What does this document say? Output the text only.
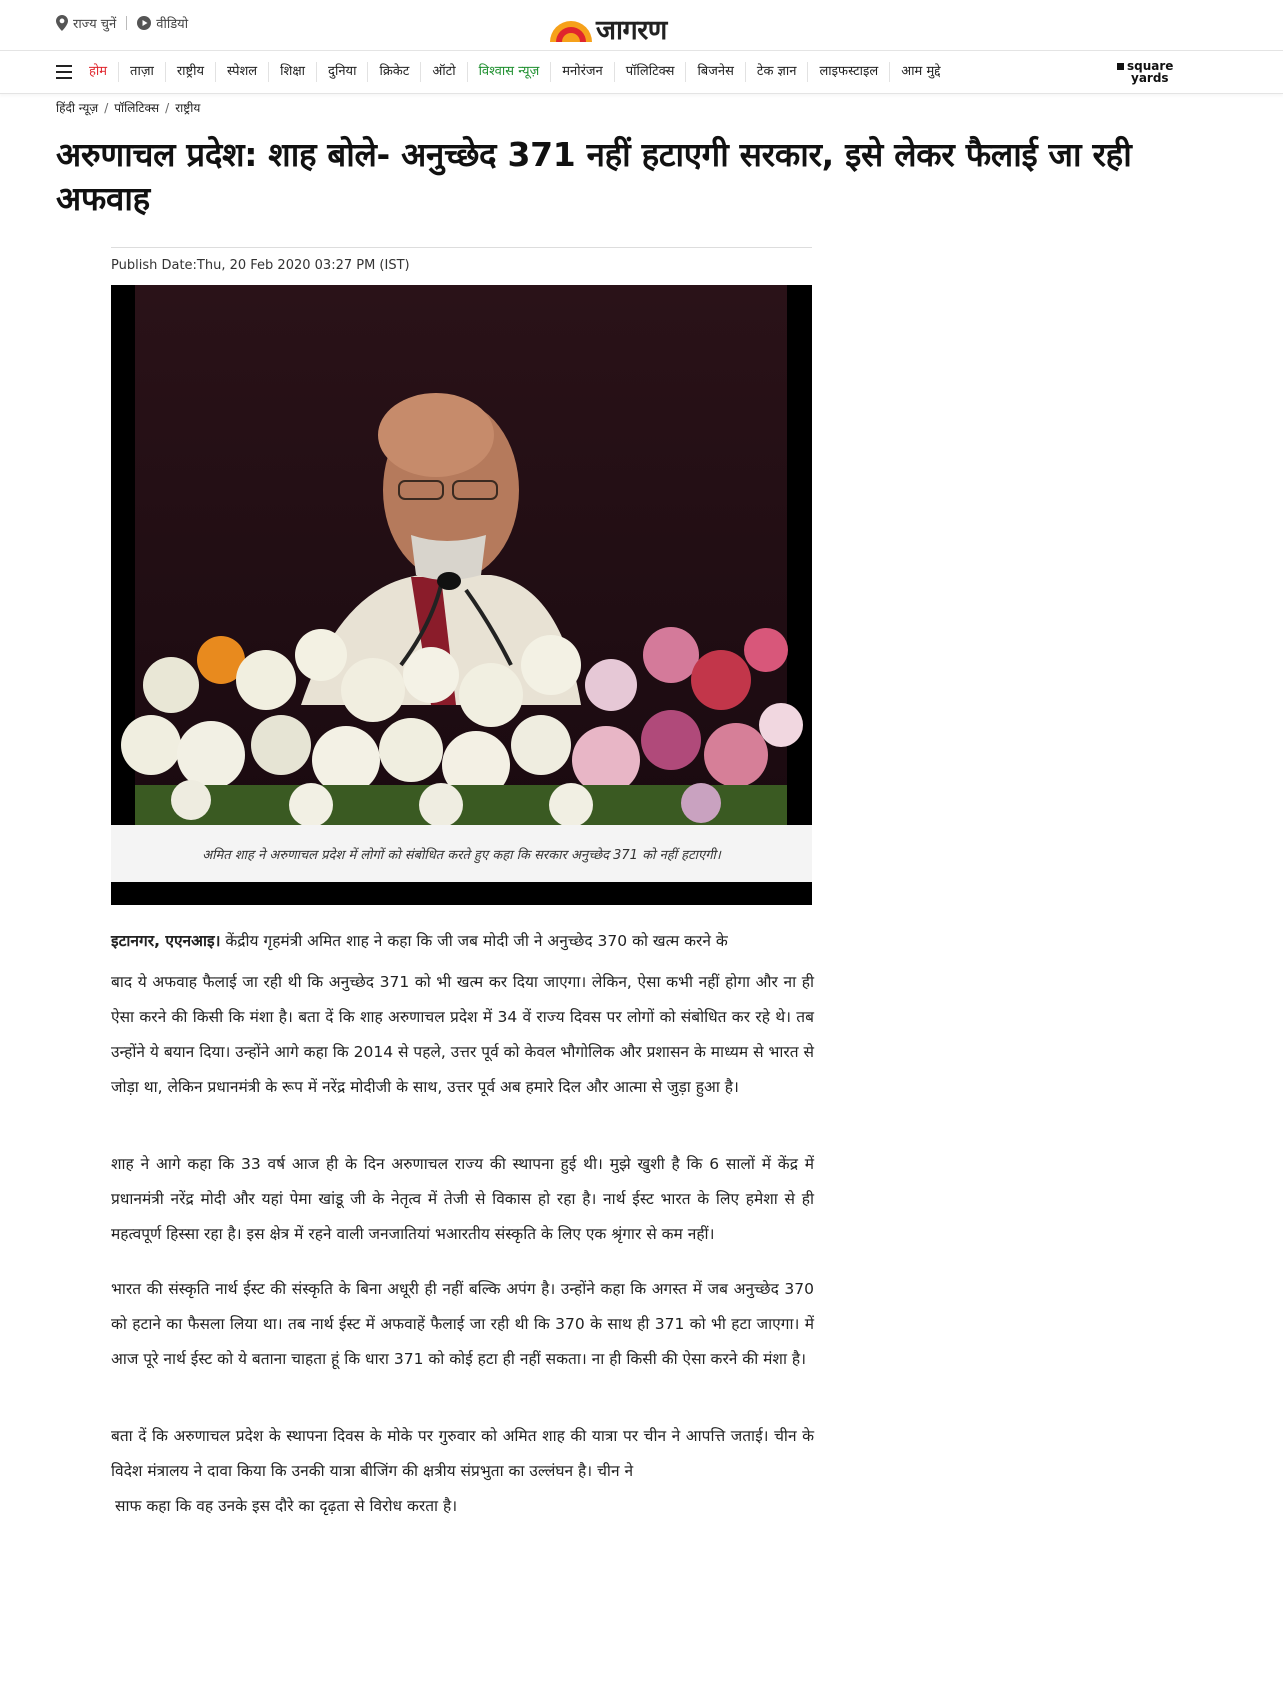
राज्य चुनें	वीडियो	जागरण
होम	ताज़ा	राष्ट्रीय	स्पेशल	शिक्षा	दुनिया	क्रिकेट	ऑटो	विश्वास न्यूज़	मनोरंजन	पॉलिटिक्स	बिजनेस	टेक ज्ञान	लाइफस्टाइल	आम मुद्दे	square
yards
हिंदी न्यूज़ / पॉलिटिक्स / राष्ट्रीय
अरुणाचल प्रदेश: शाह बोले- अनुच्छेद 371 नहीं हटाएगी सरकार, इसे लेकर फैलाई जा रही अफवाह
Publish Date:Thu, 20 Feb 2020 03:27 PM (IST)
अमित शाह ने अरुणाचल प्रदेश में लोगों को संबोधित करते हुए कहा कि सरकार अनुच्छेद 371 को नहीं हटाएगी।

इटानगर, एएनआइ। केंद्रीय गृहमंत्री अमित शाह ने कहा कि जी जब मोदी जी ने अनुच्छेद 370 को खत्म करने के

बाद ये अफवाह फैलाई जा रही थी कि अनुच्छेद 371 को भी खत्म कर दिया जाएगा। लेकिन, ऐसा कभी नहीं होगा और ना ही ऐसा करने की किसी कि मंशा है। बता दें कि शाह अरुणाचल प्रदेश में 34 वें राज्य दिवस पर लोगों को संबोधित कर रहे थे। तब उन्होंने ये बयान दिया। उन्होंने आगे कहा कि 2014 से पहले, उत्तर पूर्व को केवल भौगोलिक और प्रशासन के माध्यम से भारत से जोड़ा था, लेकिन प्रधानमंत्री के रूप में नरेंद्र मोदीजी के साथ, उत्तर पूर्व अब हमारे दिल और आत्मा से जुड़ा हुआ है।

शाह ने आगे कहा कि 33 वर्ष आज ही के दिन अरुणाचल राज्य की स्थापना हुई थी। मुझे खुशी है कि 6 सालों में केंद्र में प्रधानमंत्री नरेंद्र मोदी और यहां पेमा खांडू जी के नेतृत्व में तेजी से विकास हो रहा है। नार्थ ईस्ट भारत के लिए हमेशा से ही महत्वपूर्ण हिस्सा रहा है। इस क्षेत्र में रहने वाली जनजातियां भआरतीय संस्कृति के लिए एक श्रृंगार से कम नहीं।

भारत की संस्कृति नार्थ ईस्ट की संस्कृति के बिना अधूरी ही नहीं बल्कि अपंग है। उन्होंने कहा कि अगस्त में जब अनुच्छेद 370 को हटाने का फैसला लिया था। तब नार्थ ईस्ट में अफवाहें फैलाई जा रही थी कि 370 के साथ ही 371 को भी हटा जाएगा। में आज पूरे नार्थ ईस्ट को ये बताना चाहता हूं कि धारा 371 को कोई हटा ही नहीं सकता। ना ही किसी की ऐसा करने की मंशा है।

बता दें कि अरुणाचल प्रदेश के स्थापना दिवस के मोके पर गुरुवार को अमित शाह की यात्रा पर चीन ने आपत्ति जताई। चीन के विदेश मंत्रालय ने दावा किया कि उनकी यात्रा बीजिंग की क्षत्रीय संप्रभुता का उल्लंघन है। चीन ने

साफ कहा कि वह उनके इस दौरे का दृढ़ता से विरोध करता है।
